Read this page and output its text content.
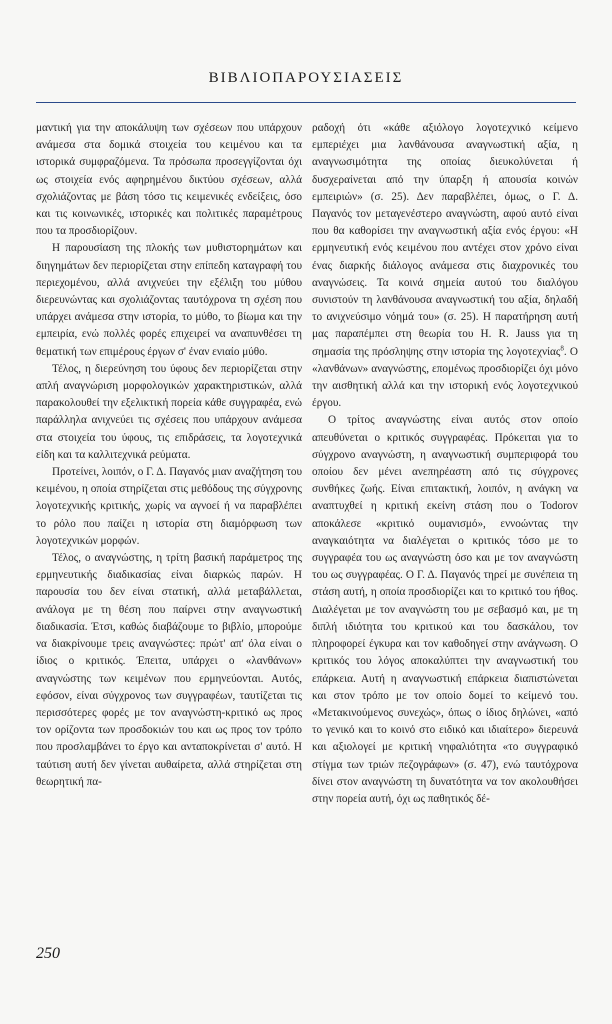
ΒΙΒΛΙΟΠΑΡΟΥΣΙΑΣΕΙΣ

μαντική για την αποκάλυψη των σχέσεων που υπάρχουν ανάμεσα στα δομικά στοιχεία του κειμένου και τα ιστορικά συμφραζόμενα. Τα πρόσωπα προσεγγίζονται όχι ως στοιχεία ενός αφηρημένου δικτύου σχέσεων, αλλά σχολιάζοντας με βάση τόσο τις κειμενικές ενδείξεις, όσο και τις κοινωνικές, ιστορικές και πολιτικές παραμέτρους που τα προσδιορίζουν.

Η παρουσίαση της πλοκής των μυθιστορημάτων και διηγημάτων δεν περιορίζεται στην επίπεδη καταγραφή του περιεχομένου, αλλά ανιχνεύει την εξέλιξη του μύθου διερευνώντας και σχολιάζοντας ταυτόχρονα τη σχέση που υπάρχει ανάμεσα στην ιστορία, το μύθο, το βίωμα και την εμπειρία, ενώ πολλές φορές επιχειρεί να αναπυνθέσει τη θεματική των επιμέρους έργων σ' έναν ενιαίο μύθο.

Τέλος, η διερεύνηση του ύφους δεν περιορίζεται στην απλή αναγνώριση μορφολογικών χαρακτηριστικών, αλλά παρακολουθεί την εξελικτική πορεία κάθε συγγραφέα, ενώ παράλληλα ανιχνεύει τις σχέσεις που υπάρχουν ανάμεσα στα στοιχεία του ύφους, τις επιδράσεις, τα λογοτεχνικά είδη και τα καλλιτεχνικά ρεύματα.

Προτείνει, λοιπόν, ο Γ. Δ. Παγανός μιαν αναζήτηση του κειμένου, η οποία στηρίζεται στις μεθόδους της σύγχρονης λογοτεχνικής κριτικής, χωρίς να αγνοεί ή να παραβλέπει το ρόλο που παίζει η ιστορία στη διαμόρφωση των λογοτεχνικών μορφών.

Τέλος, ο αναγνώστης, η τρίτη βασική παράμετρος της ερμηνευτικής διαδικασίας είναι διαρκώς παρών. Η παρουσία του δεν είναι στατική, αλλά μεταβάλλεται, ανάλογα με τη θέση που παίρνει στην αναγνωστική διαδικασία. Έτσι, καθώς διαβάζουμε το βιβλίο, μπορούμε να διακρίνουμε τρεις αναγνώστες: πρώτ' απ' όλα είναι ο ίδιος ο κριτικός. Έπειτα, υπάρχει ο «λανθάνων» αναγνώστης των κειμένων που ερμηνεύονται. Αυτός, εφόσον, είναι σύγχρονος των συγγραφέων, ταυτίζεται τις περισσότερες φορές με τον αναγνώστη-κριτικό ως προς τον ορίζοντα των προσδοκιών του και ως προς τον τρόπο που προσλαμβάνει το έργο και ανταποκρίνεται σ' αυτό. Η ταύτιση αυτή δεν γίνεται αυθαίρετα, αλλά στηρίζεται στη θεωρητική πα-

ραδοχή ότι «κάθε αξιόλογο λογοτεχνικό κείμενο εμπεριέχει μια λανθάνουσα αναγνωστική αξία, η αναγνωσιμότητα της οποίας διευκολύνεται ή δυσχεραίνεται από την ύπαρξη ή απουσία κοινών εμπειριών» (σ. 25). Δεν παραβλέπει, όμως, ο Γ. Δ. Παγανός τον μεταγενέστερο αναγνώστη, αφού αυτό είναι που θα καθορίσει την αναγνωστική αξία ενός έργου: «Η ερμηνευτική ενός κειμένου που αντέχει στον χρόνο είναι ένας διαρκής διάλογος ανάμεσα στις διαχρονικές του αναγνώσεις. Τα κοινά σημεία αυτού του διαλόγου συνιστούν τη λανθάνουσα αναγνωστική του αξία, δηλαδή το ανιχνεύσιμο νόημά του» (σ. 25). Η παρατήρηση αυτή μας παραπέμπει στη θεωρία του H. R. Jauss για τη σημασία της πρόσληψης στην ιστορία της λογοτεχνίας$^8$. Ο «λανθάνων» αναγνώστης, επομένως προσδιορίζει όχι μόνο την αισθητική αλλά και την ιστορική ενός λογοτεχνικού έργου.

Ο τρίτος αναγνώστης είναι αυτός στον οποίο απευθύνεται ο κριτικός συγγραφέας. Πρόκειται για το σύγχρονο αναγνώστη, η αναγνωστική συμπεριφορά του οποίου δεν μένει ανεπηρέαστη από τις σύγχρονες συνθήκες ζωής. Είναι επιτακτική, λοιπόν, η ανάγκη να αναπτυχθεί η κριτική εκείνη στάση που ο Todorov αποκάλεσε «κριτικό ουμανισμό», εννοώντας την αναγκαιότητα να διαλέγεται ο κριτικός τόσο με το συγγραφέα του ως αναγνώστη όσο και με τον αναγνώστη του ως συγγραφέας. Ο Γ. Δ. Παγανός τηρεί με συνέπεια τη στάση αυτή, η οποία προσδιορίζει και το κριτικό του ήθος. Διαλέγεται με τον αναγνώστη του με σεβασμό και, με τη διπλή ιδιότητα του κριτικού και του δασκάλου, τον πληροφορεί έγκυρα και τον καθοδηγεί στην ανάγνωση. Ο κριτικός του λόγος αποκαλύπτει την αναγνωστική του επάρκεια. Αυτή η αναγνωστική επάρκεια διαπιστώνεται και στον τρόπο με τον οποίο δομεί το κείμενό του. «Μετακινούμενος συνεχώς», όπως ο ίδιος δηλώνει, «από το γενικό και το κοινό στο ειδικό και ιδιαίτερο» διερευνά και αξιολογεί με κριτική νηφαλιότητα «το συγγραφικό στίγμα των τριών πεζογράφων» (σ. 47), ενώ ταυτόχρονα δίνει στον αναγνώστη τη δυνατότητα να τον ακολουθήσει στην πορεία αυτή, όχι ως παθητικός δέ-

250
